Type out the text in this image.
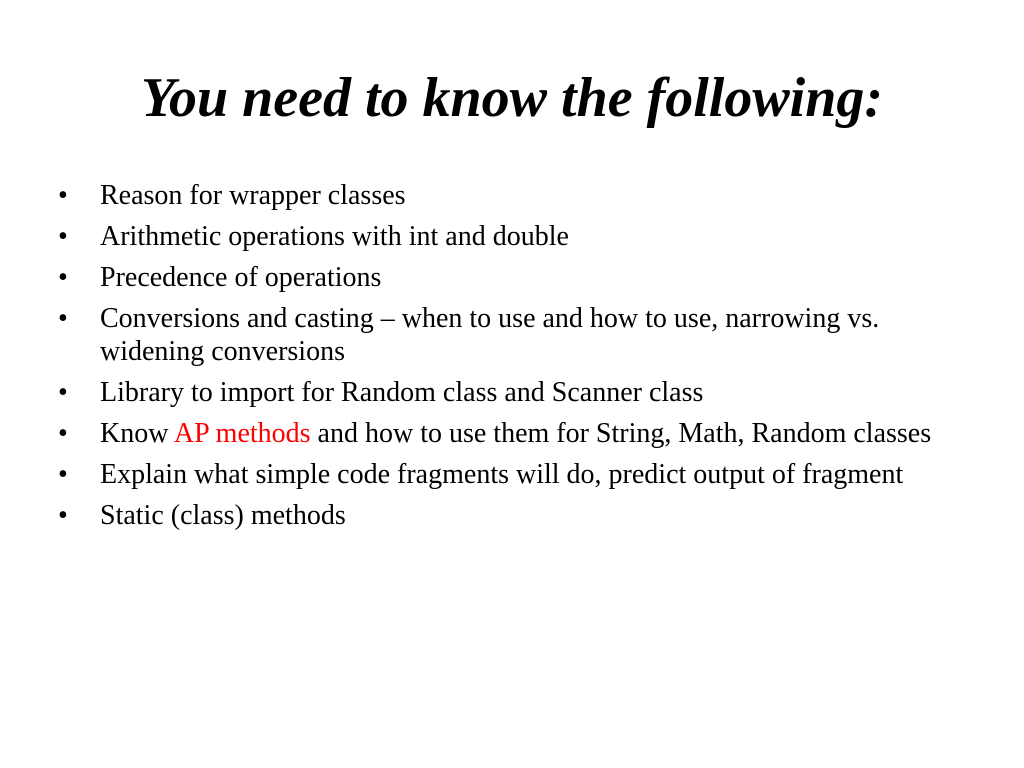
You need to know the following:
•	Reason for wrapper classes
•	Arithmetic operations with int and double
•	Precedence of operations
•	Conversions and casting – when to use and how to use, narrowing vs. widening conversions
•	Library to import for Random class and Scanner class
•	Know AP methods and how to use them for String, Math, Random classes
•	Explain what simple code fragments will do, predict output of fragment
•	Static (class) methods
